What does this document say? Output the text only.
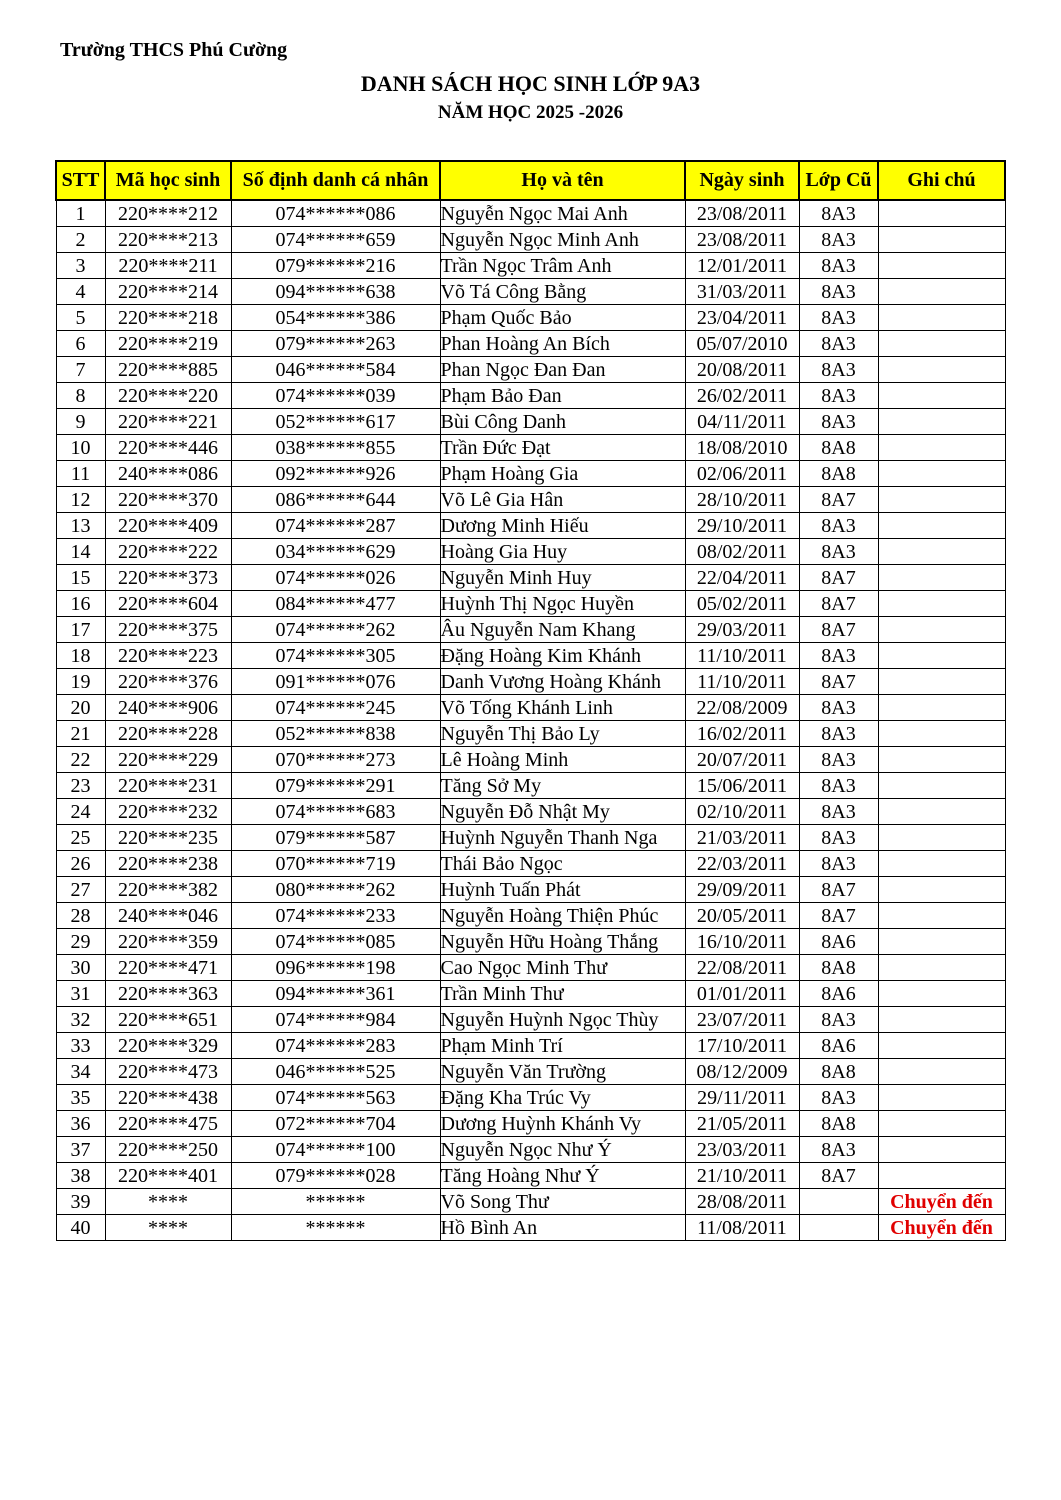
Trường THCS Phú Cường
DANH SÁCH HỌC SINH LỚP 9A3
NĂM HỌC 2025 -2026
STT	Mã học sinh	Số định danh cá nhân	Họ và tên	Ngày sinh	Lớp Cũ	Ghi chú
1	220****212	074******086	Nguyễn Ngọc Mai Anh	23/08/2011	8A3	
2	220****213	074******659	Nguyễn Ngọc Minh Anh	23/08/2011	8A3	
3	220****211	079******216	Trần Ngọc Trâm Anh	12/01/2011	8A3	
4	220****214	094******638	Võ Tá Công Bằng	31/03/2011	8A3	
5	220****218	054******386	Phạm Quốc Bảo	23/04/2011	8A3	
6	220****219	079******263	Phan Hoàng An Bích	05/07/2010	8A3	
7	220****885	046******584	Phan Ngọc Đan Đan	20/08/2011	8A3	
8	220****220	074******039	Phạm Bảo Đan	26/02/2011	8A3	
9	220****221	052******617	Bùi Công Danh	04/11/2011	8A3	
10	220****446	038******855	Trần Đức Đạt	18/08/2010	8A8	
11	240****086	092******926	Phạm Hoàng Gia	02/06/2011	8A8	
12	220****370	086******644	Võ Lê Gia Hân	28/10/2011	8A7	
13	220****409	074******287	Dương Minh Hiếu	29/10/2011	8A3	
14	220****222	034******629	Hoàng Gia Huy	08/02/2011	8A3	
15	220****373	074******026	Nguyễn Minh Huy	22/04/2011	8A7	
16	220****604	084******477	Huỳnh Thị Ngọc Huyền	05/02/2011	8A7	
17	220****375	074******262	Âu Nguyễn Nam Khang	29/03/2011	8A7	
18	220****223	074******305	Đặng Hoàng Kim Khánh	11/10/2011	8A3	
19	220****376	091******076	Danh Vương Hoàng Khánh	11/10/2011	8A7	
20	240****906	074******245	Võ Tống Khánh Linh	22/08/2009	8A3	
21	220****228	052******838	Nguyễn Thị Bảo Ly	16/02/2011	8A3	
22	220****229	070******273	Lê Hoàng Minh	20/07/2011	8A3	
23	220****231	079******291	Tăng Sở My	15/06/2011	8A3	
24	220****232	074******683	Nguyễn Đỗ Nhật My	02/10/2011	8A3	
25	220****235	079******587	Huỳnh Nguyễn Thanh Nga	21/03/2011	8A3	
26	220****238	070******719	Thái Bảo Ngọc	22/03/2011	8A3	
27	220****382	080******262	Huỳnh Tuấn Phát	29/09/2011	8A7	
28	240****046	074******233	Nguyễn Hoàng Thiện Phúc	20/05/2011	8A7	
29	220****359	074******085	Nguyễn Hữu Hoàng Thắng	16/10/2011	8A6	
30	220****471	096******198	Cao Ngọc Minh Thư	22/08/2011	8A8	
31	220****363	094******361	Trần Minh Thư	01/01/2011	8A6	
32	220****651	074******984	Nguyễn Huỳnh Ngọc Thùy	23/07/2011	8A3	
33	220****329	074******283	Phạm Minh Trí	17/10/2011	8A6	
34	220****473	046******525	Nguyễn Văn Trường	08/12/2009	8A8	
35	220****438	074******563	Đặng Kha Trúc Vy	29/11/2011	8A3	
36	220****475	072******704	Dương Huỳnh Khánh Vy	21/05/2011	8A8	
37	220****250	074******100	Nguyễn Ngọc Như Ý	23/03/2011	8A3	
38	220****401	079******028	Tăng Hoàng Như Ý	21/10/2011	8A7	
39	****	******	Võ Song Thư	28/08/2011		Chuyển đến
40	****	******	Hồ Bình An	11/08/2011		Chuyển đến
